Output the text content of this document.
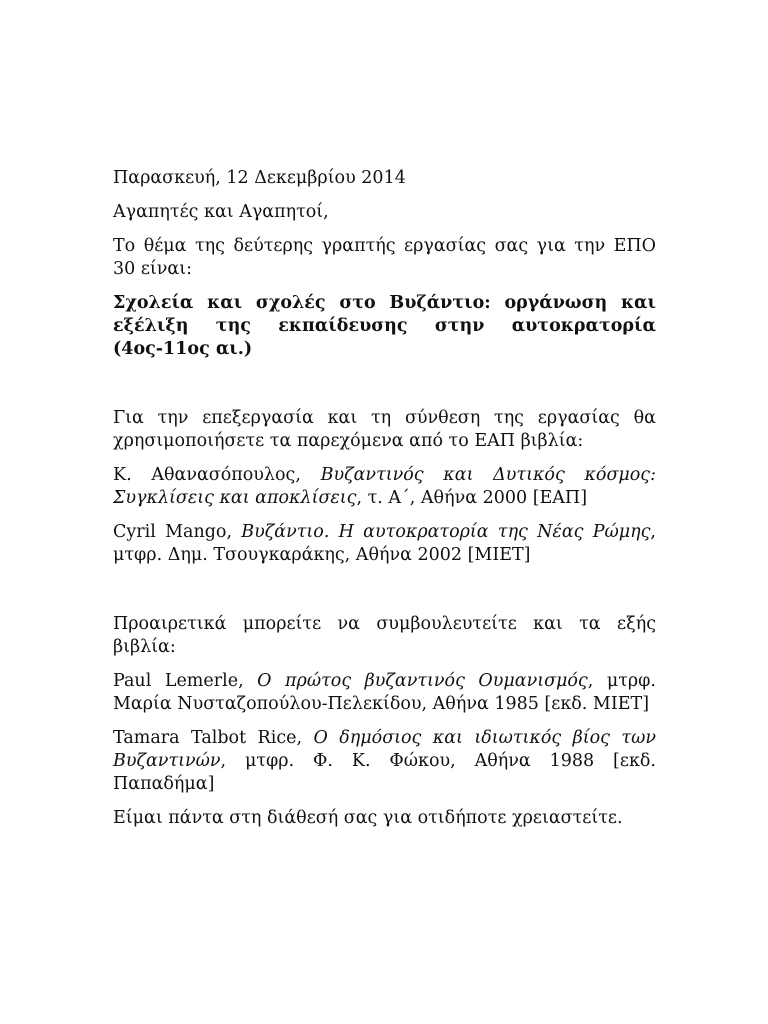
Παρασκευή, 12 Δεκεμβρίου 2014

Αγαπητές και Αγαπητοί,

Το θέμα της δεύτερης γραπτής εργασίας σας για την ΕΠΟ 30 είναι:

Σχολεία και σχολές στο Βυζάντιο: οργάνωση και εξέλιξη της εκπαίδευσης στην αυτοκρατορία (4ος-11ος αι.)

Για την επεξεργασία και τη σύνθεση της εργασίας θα χρησιμοποιήσετε τα παρεχόμενα από το ΕΑΠ βιβλία:

Κ. Αθανασόπουλος, Βυζαντινός και Δυτικός κόσμος: Συγκλίσεις και αποκλίσεις, τ. Α΄, Αθήνα 2000 [ΕΑΠ]

Cyril Mango, Βυζάντιο. Η αυτοκρατορία της Νέας Ρώμης, μτφρ. Δημ. Τσουγκαράκης, Αθήνα 2002 [ΜΙΕΤ]

Προαιρετικά μπορείτε να συμβουλευτείτε και τα εξής βιβλία:

Paul Lemerle, Ο πρώτος βυζαντινός Ουμανισμός, μτρφ. Μαρία Νυσταζοπούλου-Πελεκίδου, Αθήνα 1985 [εκδ. ΜΙΕΤ]

Tamara Talbot Rice, Ο δημόσιος και ιδιωτικός βίος των Βυζαντινών, μτφρ. Φ. Κ. Φώκου, Αθήνα 1988 [εκδ. Παπαδήμα]

Είμαι πάντα στη διάθεσή σας για οτιδήποτε χρειαστείτε.
